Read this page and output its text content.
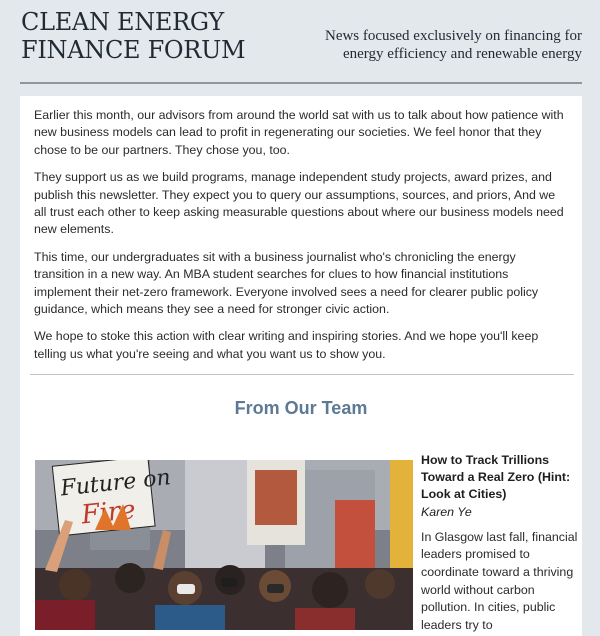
CLEAN ENERGY
FINANCE FORUM	News focused exclusively on financing for
energy efficiency and renewable energy

Earlier this month, our advisors from around the world sat with us to talk about how patience with new business models can lead to profit in regenerating our societies. We feel honor that they chose to be our partners. They chose you, too.

They support us as we build programs, manage independent study projects, award prizes, and publish this newsletter. They expect you to query our assumptions, sources, and priors, And we all trust each other to keep asking measurable questions about where our business models need new elements.

This time, our undergraduates sit with a business journalist who's chronicling the energy transition in a new way. An MBA student searches for clues to how financial institutions implement their net-zero framework. Everyone involved sees a need for clearer public policy guidance, which means they see a need for stronger civic action.

We hope to stoke this action with clear writing and inspiring stories. And we hope you'll keep telling us what you're seeing and what you want us to show you.

From Our Team
Future on
Fire
How to Track Trillions Toward a Real Zero (Hint: Look at Cities)

Karen Ye

In Glasgow last fall, financial leaders promised to coordinate toward a thriving world without carbon pollution. In cities, public leaders try to
